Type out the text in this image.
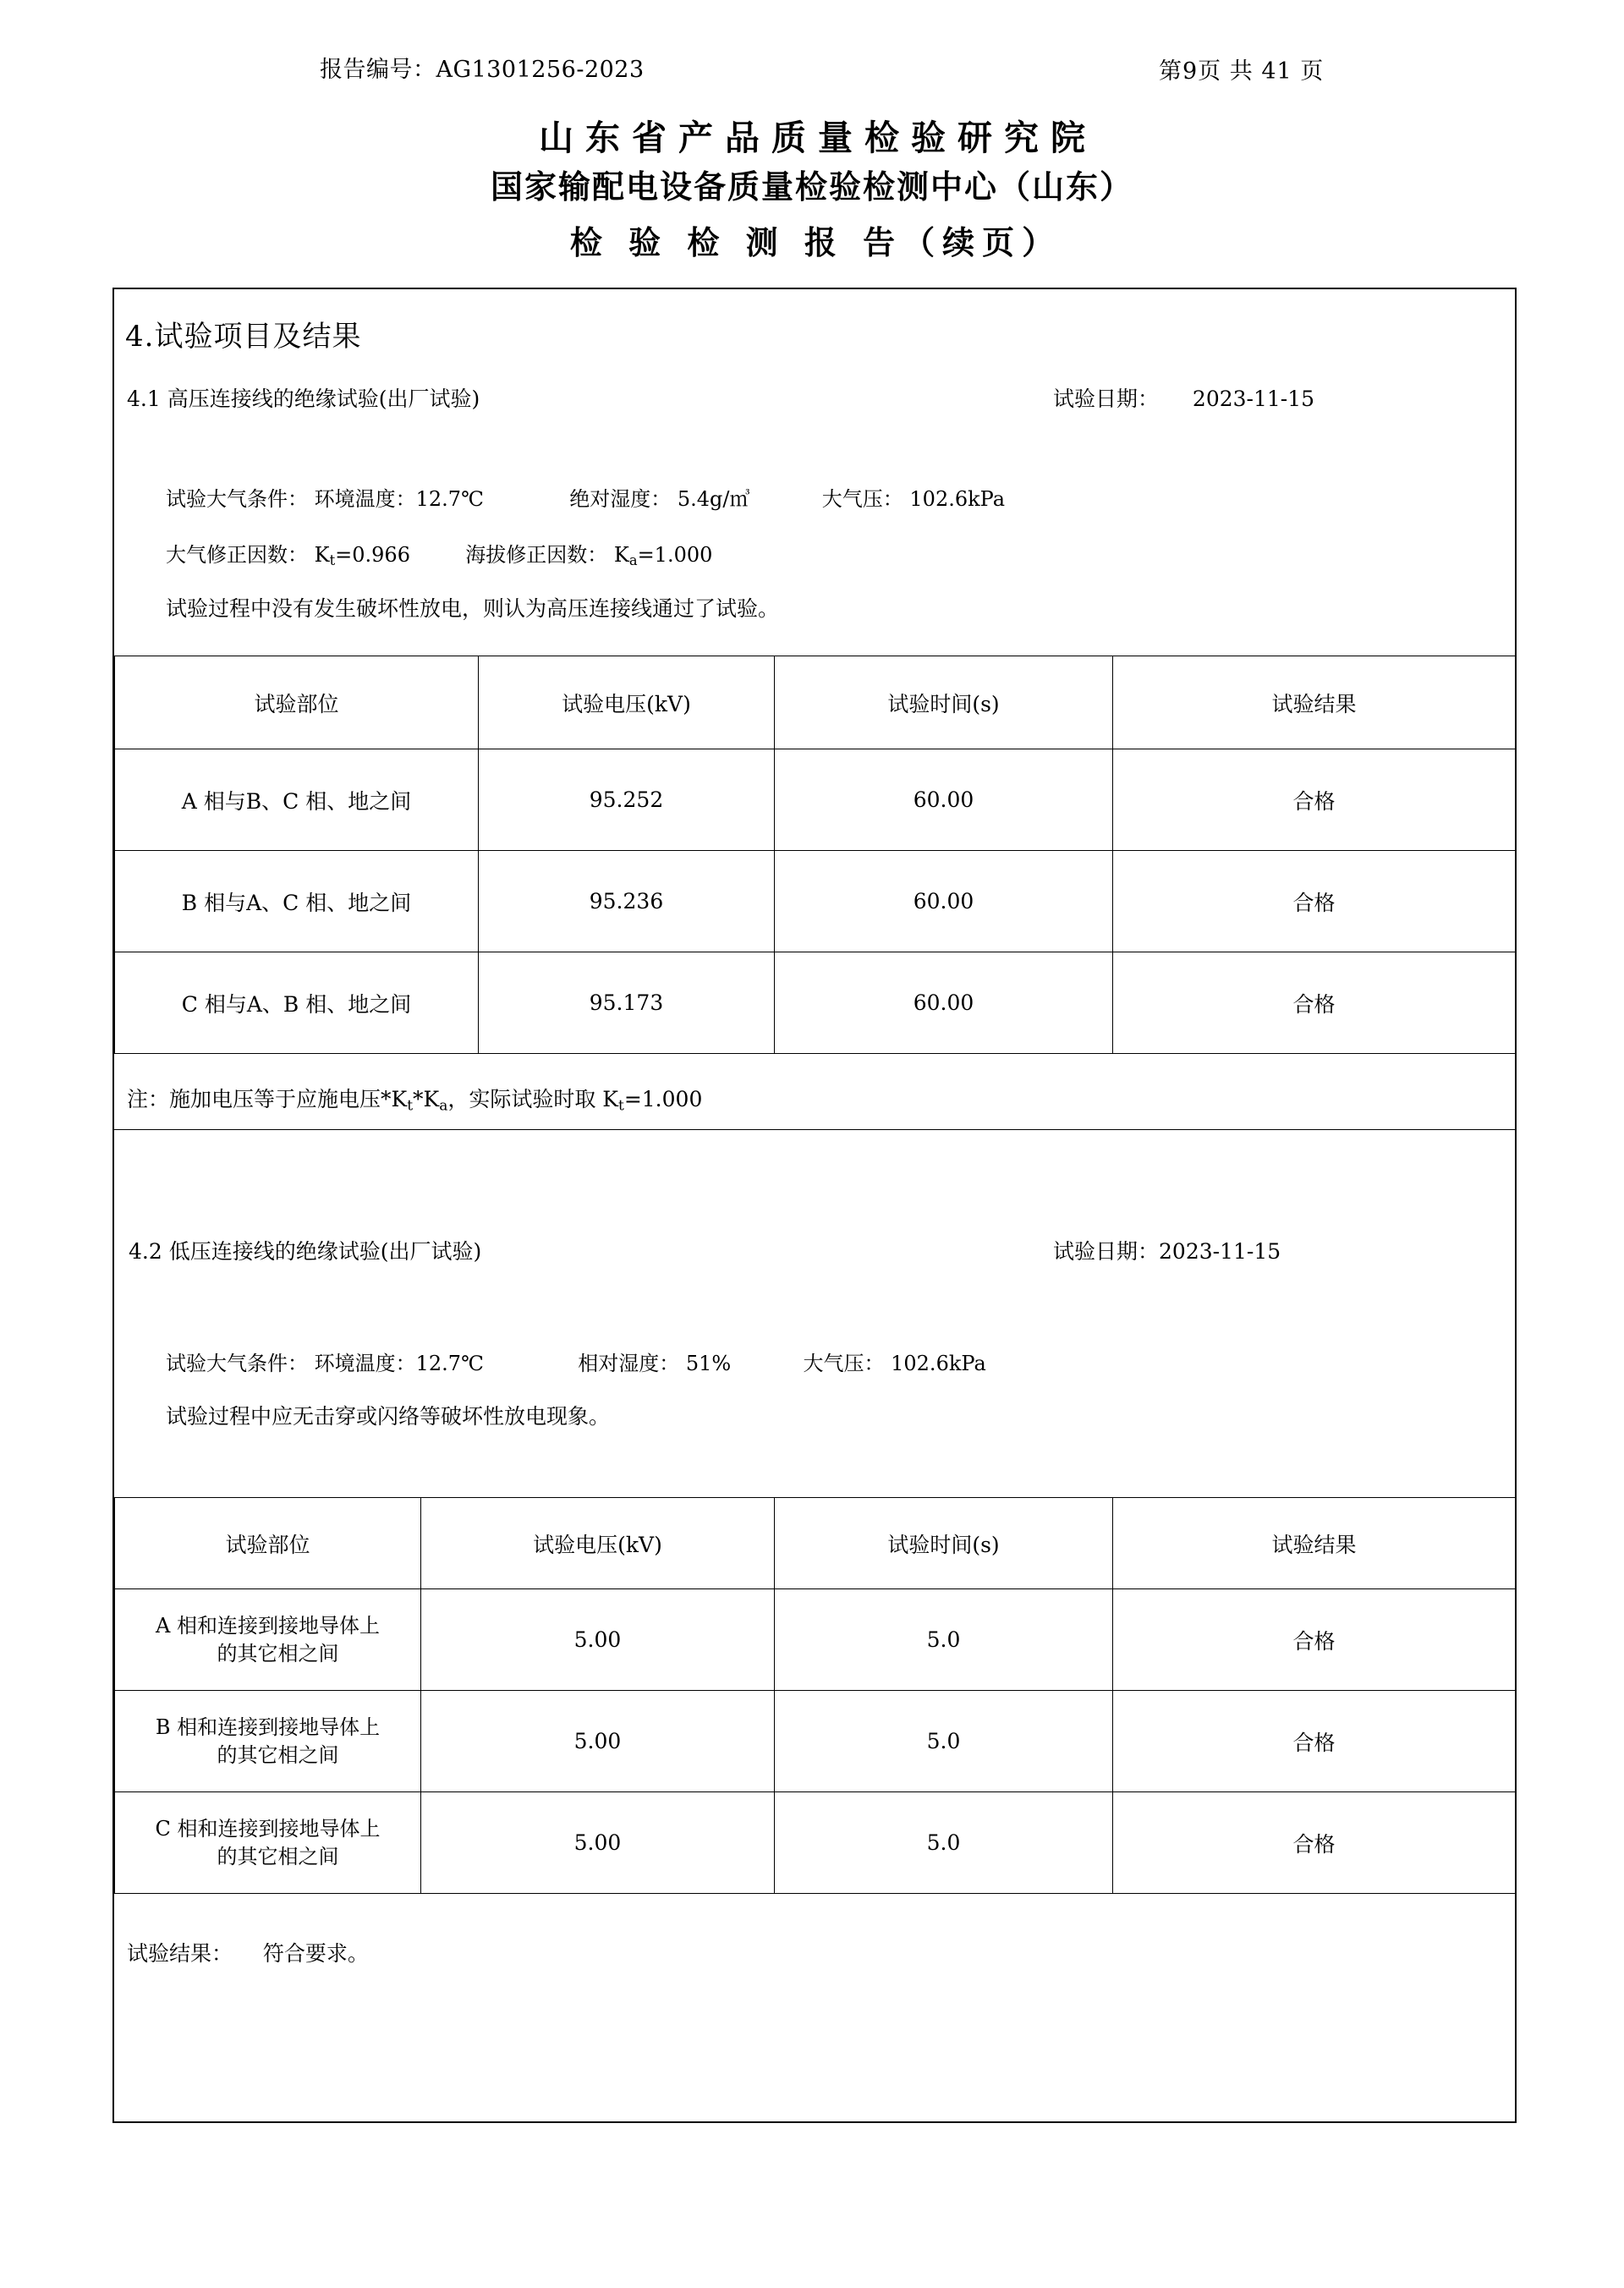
报告编号：AG1301256-2023	第9页 共 41 页
山东省产品质量检验研究院
国家输配电设备质量检验检测中心（山东）
检 验 检 测 报 告（续页）
4.试验项目及结果
4.1 高压连接线的绝缘试验(出厂试验)	试验日期： 2023-11-15
试验大气条件： 环境温度：12.7℃	绝对湿度： 5.4g/㎥	大气压： 102.6kPa
大气修正因数： $K_t=0.966$	海拔修正因数： $K_a=1.000$
试验过程中没有发生破坏性放电，则认为高压连接线通过了试验。
试验部位	试验电压(kV)	试验时间(s)	试验结果
A 相与B、C 相、地之间	95.252	60.00	合格
B 相与A、C 相、地之间	95.236	60.00	合格
C 相与A、B 相、地之间	95.173	60.00	合格
注：施加电压等于应施电压$*K_t*K_a$，实际试验时取 $K_t=1.000$
4.2 低压连接线的绝缘试验(出厂试验)	试验日期：2023-11-15
试验大气条件： 环境温度：12.7℃	相对湿度： 51%	大气压： 102.6kPa
试验过程中应无击穿或闪络等破坏性放电现象。
试验部位	试验电压(kV)	试验时间(s)	试验结果
A 相和连接到接地导体上
的其它相之间	5.00	5.0	合格
B 相和连接到接地导体上
的其它相之间	5.00	5.0	合格
C 相和连接到接地导体上
的其它相之间	5.00	5.0	合格
试验结果： 符合要求。
